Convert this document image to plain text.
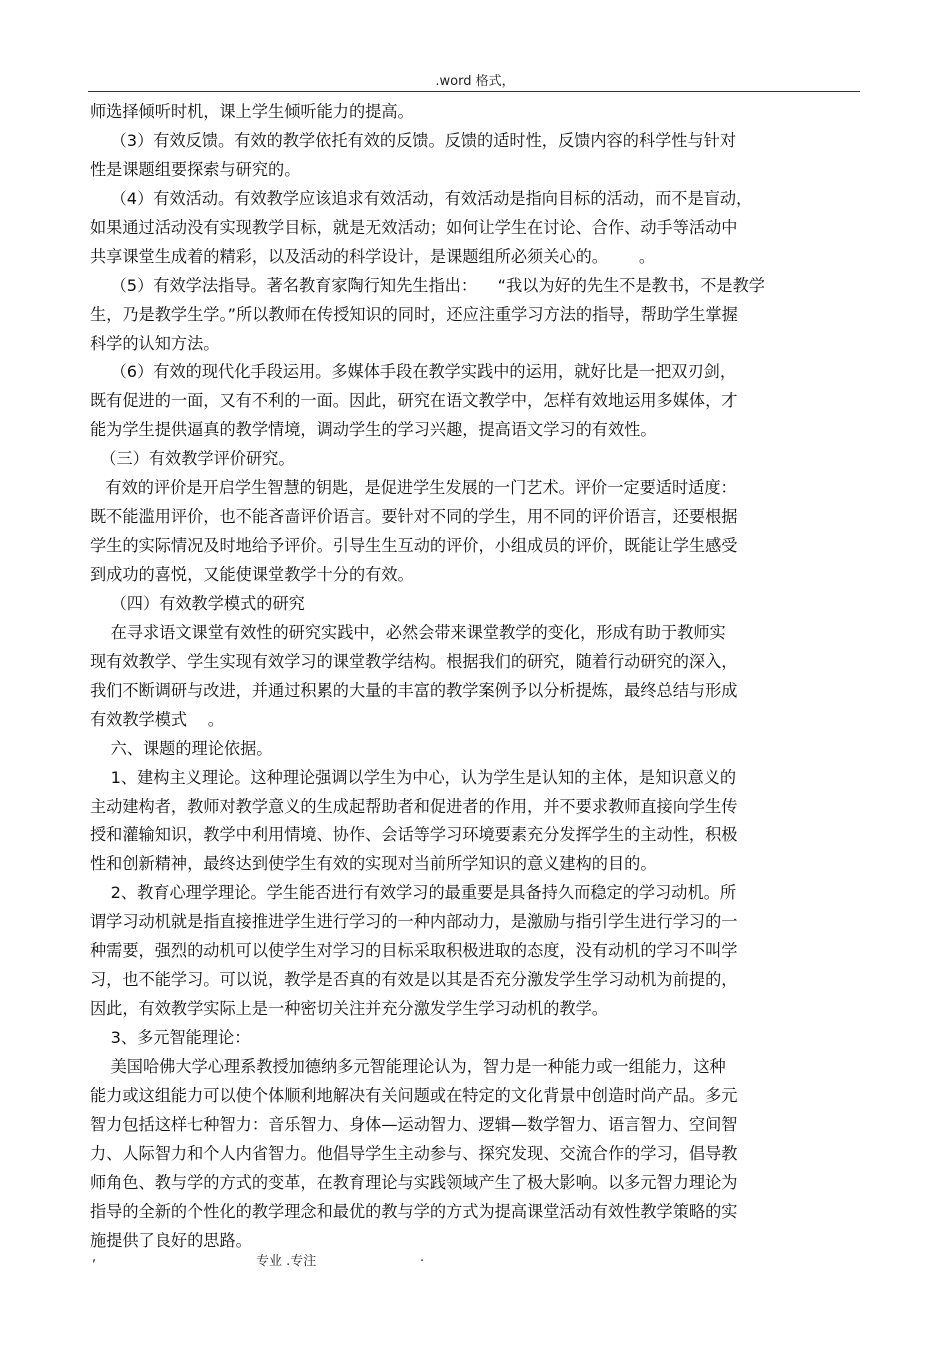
.word 格式，
师选择倾听时机，课上学生倾听能力的提高。
（3）有效反馈。有效的教学依托有效的反馈。反馈的适时性，反馈内容的科学性与针对
性是课题组要探索与研究的。
（4）有效活动。有效教学应该追求有效活动，有效活动是指向目标的活动，而不是盲动，
如果通过活动没有实现教学目标，就是无效活动；如何让学生在讨论、合作、动手等活动中
共享课堂生成着的精彩，以及活动的科学设计，是课题组所必须关心的。      。
（5）有效学法指导。著名教育家陶行知先生指出：    “我以为好的先生不是教书，不是教学
生，乃是教学生学。”所以教师在传授知识的同时，还应注重学习方法的指导，帮助学生掌握
科学的认知方法。
（6）有效的现代化手段运用。多媒体手段在教学实践中的运用，就好比是一把双刃剑，
既有促进的一面，又有不利的一面。因此，研究在语文教学中，怎样有效地运用多媒体，才
能为学生提供逼真的教学情境，调动学生的学习兴趣，提高语文学习的有效性。
（三）有效教学评价研究。
有效的评价是开启学生智慧的钥匙，是促进学生发展的一门艺术。评价一定要适时适度：
既不能滥用评价，也不能吝啬评价语言。要针对不同的学生，用不同的评价语言，还要根据
学生的实际情况及时地给予评价。引导生生互动的评价，小组成员的评价，既能让学生感受
到成功的喜悦，又能使课堂教学十分的有效。
（四）有效教学模式的研究
在寻求语文课堂有效性的研究实践中，必然会带来课堂教学的变化，形成有助于教师实
现有效教学、学生实现有效学习的课堂教学结构。根据我们的研究，随着行动研究的深入，
我们不断调研与改进，并通过积累的大量的丰富的教学案例予以分析提炼，最终总结与形成
有效教学模式    。
六、课题的理论依据。
1、建构主义理论。这种理论强调以学生为中心，认为学生是认知的主体，是知识意义的
主动建构者，教师对教学意义的生成起帮助者和促进者的作用，并不要求教师直接向学生传
授和灌输知识，教学中利用情境、协作、会话等学习环境要素充分发挥学生的主动性，积极
性和创新精神，最终达到使学生有效的实现对当前所学知识的意义建构的目的。
2、教育心理学理论。学生能否进行有效学习的最重要是具备持久而稳定的学习动机。所
谓学习动机就是指直接推进学生进行学习的一种内部动力，是激励与指引学生进行学习的一
种需要，强烈的动机可以使学生对学习的目标采取积极进取的态度，没有动机的学习不叫学
习，也不能学习。可以说，教学是否真的有效是以其是否充分激发学生学习动机为前提的，
因此，有效教学实际上是一种密切关注并充分激发学生学习动机的教学。
3、多元智能理论：
美国哈佛大学心理系教授加德纳多元智能理论认为，智力是一种能力或一组能力，这种
能力或这组能力可以使个体顺利地解决有关问题或在特定的文化背景中创造时尚产品。多元
智力包括这样七种智力：音乐智力、身体—运动智力、逻辑—数学智力、语言智力、空间智
力、人际智力和个人内省智力。他倡导学生主动参与、探究发现、交流合作的学习，倡导教
师角色、教与学的方式的变革，在教育理论与实践领域产生了极大影响。以多元智力理论为
指导的全新的个性化的教学理念和最优的教与学的方式为提高课堂活动有效性教学策略的实
施提供了良好的思路。
,	专业 .专注	.
